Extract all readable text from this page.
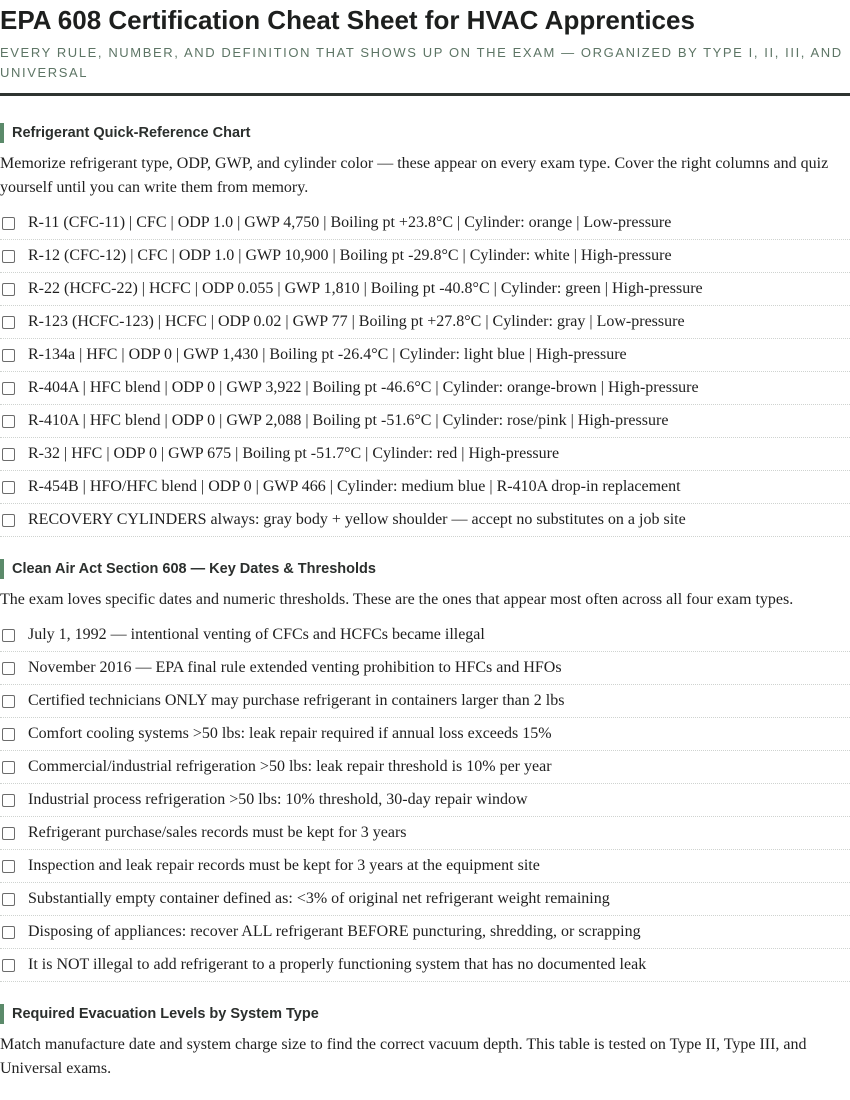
EPA 608 Certification Cheat Sheet for HVAC Apprentices
EVERY RULE, NUMBER, AND DEFINITION THAT SHOWS UP ON THE EXAM — ORGANIZED BY TYPE I, II, III, AND UNIVERSAL
Refrigerant Quick-Reference Chart

Memorize refrigerant type, ODP, GWP, and cylinder color — these appear on every exam type. Cover the right columns and quiz yourself until you can write them from memory.

R-11 (CFC-11) | CFC | ODP 1.0 | GWP 4,750 | Boiling pt +23.8°C | Cylinder: orange | Low-pressure
R-12 (CFC-12) | CFC | ODP 1.0 | GWP 10,900 | Boiling pt -29.8°C | Cylinder: white | High-pressure
R-22 (HCFC-22) | HCFC | ODP 0.055 | GWP 1,810 | Boiling pt -40.8°C | Cylinder: green | High-pressure
R-123 (HCFC-123) | HCFC | ODP 0.02 | GWP 77 | Boiling pt +27.8°C | Cylinder: gray | Low-pressure
R-134a | HFC | ODP 0 | GWP 1,430 | Boiling pt -26.4°C | Cylinder: light blue | High-pressure
R-404A | HFC blend | ODP 0 | GWP 3,922 | Boiling pt -46.6°C | Cylinder: orange-brown | High-pressure
R-410A | HFC blend | ODP 0 | GWP 2,088 | Boiling pt -51.6°C | Cylinder: rose/pink | High-pressure
R-32 | HFC | ODP 0 | GWP 675 | Boiling pt -51.7°C | Cylinder: red | High-pressure
R-454B | HFO/HFC blend | ODP 0 | GWP 466 | Cylinder: medium blue | R-410A drop-in replacement
RECOVERY CYLINDERS always: gray body + yellow shoulder — accept no substitutes on a job site
Clean Air Act Section 608 — Key Dates & Thresholds

The exam loves specific dates and numeric thresholds. These are the ones that appear most often across all four exam types.

July 1, 1992 — intentional venting of CFCs and HCFCs became illegal
November 2016 — EPA final rule extended venting prohibition to HFCs and HFOs
Certified technicians ONLY may purchase refrigerant in containers larger than 2 lbs
Comfort cooling systems >50 lbs: leak repair required if annual loss exceeds 15%
Commercial/industrial refrigeration >50 lbs: leak repair threshold is 10% per year
Industrial process refrigeration >50 lbs: 10% threshold, 30-day repair window
Refrigerant purchase/sales records must be kept for 3 years
Inspection and leak repair records must be kept for 3 years at the equipment site
Substantially empty container defined as: <3% of original net refrigerant weight remaining
Disposing of appliances: recover ALL refrigerant BEFORE puncturing, shredding, or scrapping
It is NOT illegal to add refrigerant to a properly functioning system that has no documented leak
Required Evacuation Levels by System Type

Match manufacture date and system charge size to find the correct vacuum depth. This table is tested on Type II, Type III, and Universal exams.
